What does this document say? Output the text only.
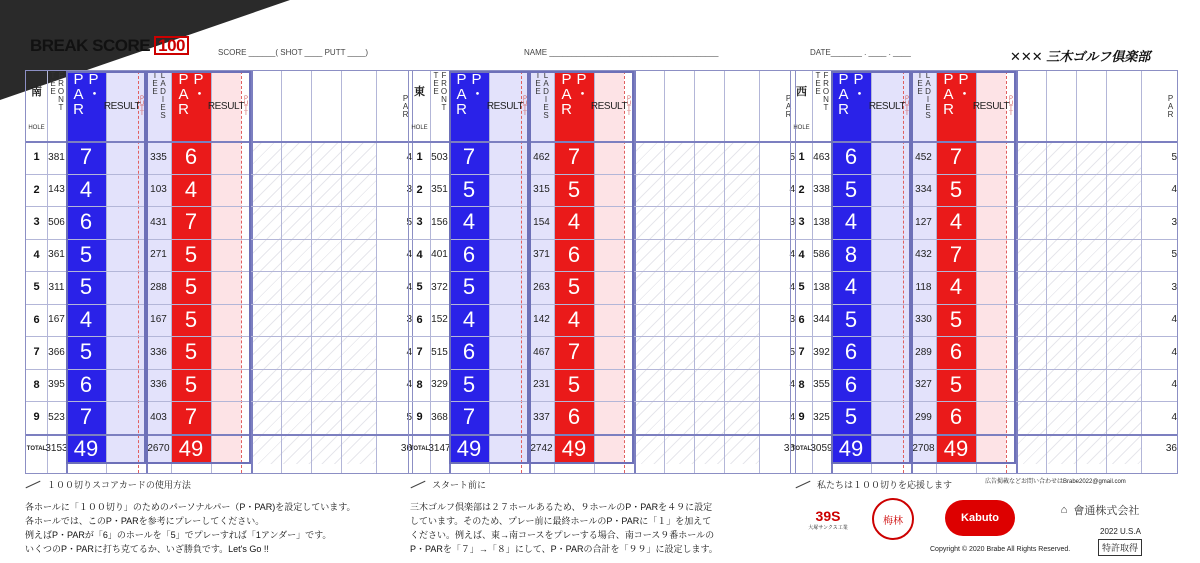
BREAK SCORE 100	SCORE ______( SHOT ____ PUTT ____)	NAME ______________________________________	DATE_______ . ____ . ____	✕✕✕ 三木ゴルフ倶楽部
南
HOLE
FRONT TEE	P・PAR	RESULT
PUTT	LADIES TEE	P・PAR	RESULT
PUTT	PAR
1 381 7	335 6	4
2 143 4	103 4	3
3 506 6	431 7	5
4 361 5	271 5	4
5 311 5	288 5	4
6 167 4	167 5	3
7 366 5	336 5	4
8 395 6	336 5	4
9 523 7	403 7	5
TOTAL 3153 49	2670 49	36
東
HOLE
FRONT TEE	P・PAR	RESULT
PUTT	LADIES TEE	P・PAR	RESULT
PUTT	PAR
1 503 7	462 7	5
2 351 5	315 5	4
3 156 4	154 4	3
4 401 6	371 6	4
5 372 5	263 5	4
6 152 4	142 4	3
7 515 6	467 7	5
8 329 5	231 5	4
9 368 7	337 6	4
TOTAL 3147 49	2742 49	36
西
HOLE
FRONT TEE	P・PAR	RESULT
PUTT	LADIES TEE	P・PAR	RESULT
PUTT	PAR
1 463 6	452 7	5
2 338 5	334 5	4
3 138 4	127 4	3
4 586 8	432 7	5
5 138 4	118 4	3
6 344 5	330 5	4
7 392 6	289 6	4
8 355 6	327 5	4
9 325 5	299 6	4
TOTAL 3059 49	2708 49	36
１００切りスコアカードの使用方法
各ホールに「１００切り」のためのパーソナルパー（P・PAR)を設定しています。
各ホールでは、このP・PARを参考にプレーしてください。
例えばP・PARが「6」のホールを「5」でプレーすれば「1アンダー」です。
いくつのP・PARに打ち克てるか、いざ勝負です。Let's Go !!
スタート前に
三木ゴルフ倶楽部は２７ホールあるため、９ホールのP・PARを４９に設定
しています。そのため、プレー前に最終ホールのP・PARに「１」を加えて
ください。例えば、東→南コースをプレーする場合、南コース９番ホールの
P・PARを「７」→「８」にして、P・PARの合計を「９９」に設定します。
私たちは１００切りを応援します	広告掲載などお問い合わせはBrabe2022@gmail.com
39S
大塚サンクス工業
梅林	Kabuto
⌂ 會通株式会社
2022 U.S.A
Copyright © 2020 Brabe All Rights Reserved.	特許取得
